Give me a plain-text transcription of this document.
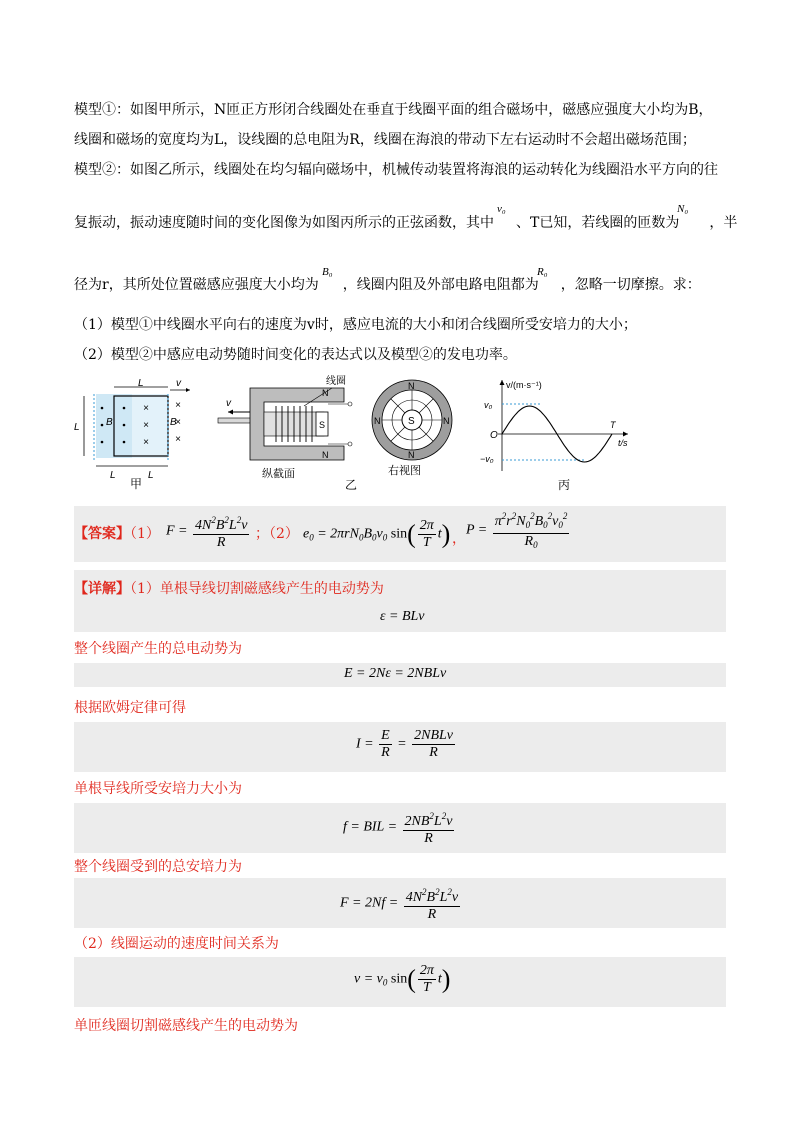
模型①：如图甲所示，N匝正方形闭合线圈处在垂直于线圈平面的组合磁场中，磁感应强度大小均为B，
线圈和磁场的宽度均为L，设线圈的总电阻为R，线圈在海浪的带动下左右运动时不会超出磁场范围；
模型②：如图乙所示，线圈处在均匀辐向磁场中，机械传动装置将海浪的运动转化为线圈沿水平方向的往
复振动，振动速度随时间的变化图像为如图丙所示的正弦函数，其中 、T已知，若线圈的匝数为 ，半
v₀	N₀
径为r，其所处位置磁感应强度大小均为 ，线圈内阻及外部电路电阻都为 ，忽略一切摩擦。求：
B₀	R₀
（1）模型①中线圈水平向右的速度为v时，感应电流的大小和闭合线圈所受安培力的大小；
（2）模型②中感应电动势随时间变化的表达式以及模型②的发电功率。
×
×
×
×
×
×
B	B
L	v
L
L	L
甲
v
S
N
N
线圈
纵截面
S
N
N
N	N
右视图
乙
v/(m·s⁻¹)
t/s
O
v₀
−v₀
T
丙
【答案】（1） $F = \frac{4N^2B^2L^2v}{R}$ ；（2） $e_0 = 2\pi rN_0B_0v_0$ $\sin( \frac{2\pi}{T} t)$ ，
$P = \frac{\pi^2r^2N_0^2B_0^2v_0^2}{R_0}$
【详解】（1）单根导线切割磁感线产生的电动势为
ε = BLv
整个线圈产生的总电动势为
E = 2Nε = 2NBLv
根据欧姆定律可得
$I = \frac{E}{R} = \frac{\text{2NBLv}}{R}$
单根导线所受安培力大小为
f = BIL = $\frac{2NB^2L^2v}{R}$
整个线圈受到的总安培力为
$F = 2Nf = \frac{4N^2B^2L^2v}{R}$
（2）线圈运动的速度时间关系为
$v = v_0$ $\sin( \frac{2\pi}{T} t)$
单匝线圈切割磁感线产生的电动势为
